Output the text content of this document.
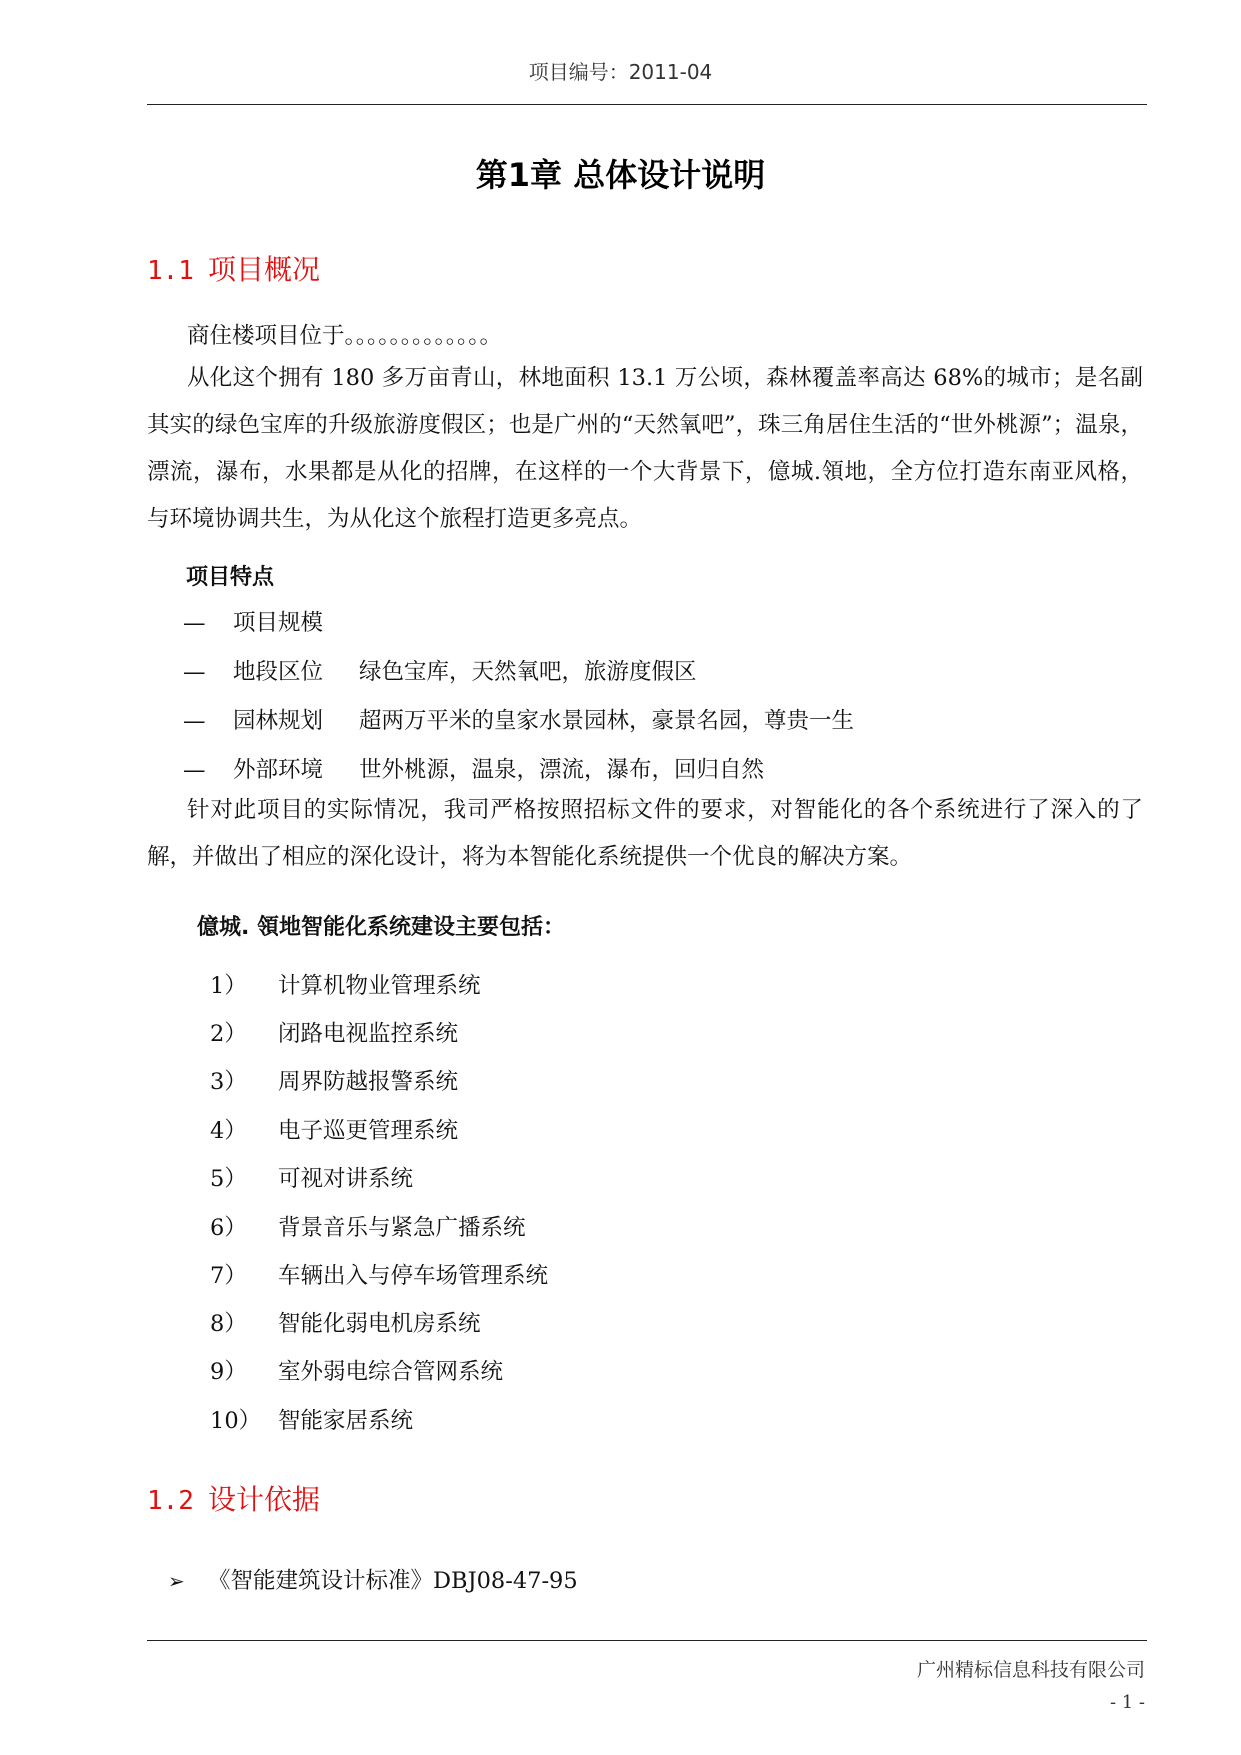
项目编号：2011-04
第1章 总体设计说明
1.1 项目概况
商住楼项目位于。。。。。。。。。。。。。
从化这个拥有 180 多万亩青山，林地面积 13.1 万公顷，森林覆盖率高达 68%的城市；是名副其实的绿色宝库的升级旅游度假区；也是广州的“天然氧吧”，珠三角居住生活的“世外桃源”；温泉，漂流，瀑布，水果都是从化的招牌，在这样的一个大背景下，億城.領地，全方位打造东南亚风格，与环境协调共生，为从化这个旅程打造更多亮点。
项目特点
— 项目规模
— 地段区位 绿色宝库，天然氧吧，旅游度假区
— 园林规划 超两万平米的皇家水景园林，豪景名园，尊贵一生
— 外部环境 世外桃源，温泉，漂流，瀑布，回归自然
针对此项目的实际情况，我司严格按照招标文件的要求，对智能化的各个系统进行了深入的了解，并做出了相应的深化设计，将为本智能化系统提供一个优良的解决方案。
億城. 領地智能化系统建设主要包括：
1） 计算机物业管理系统
2） 闭路电视监控系统
3） 周界防越报警系统
4） 电子巡更管理系统
5） 可视对讲系统
6） 背景音乐与紧急广播系统
7） 车辆出入与停车场管理系统
8） 智能化弱电机房系统
9） 室外弱电综合管网系统
10） 智能家居系统
1.2 设计依据
➢ 《智能建筑设计标准》DBJ08-47-95
广州精标信息科技有限公司
- 1 -
